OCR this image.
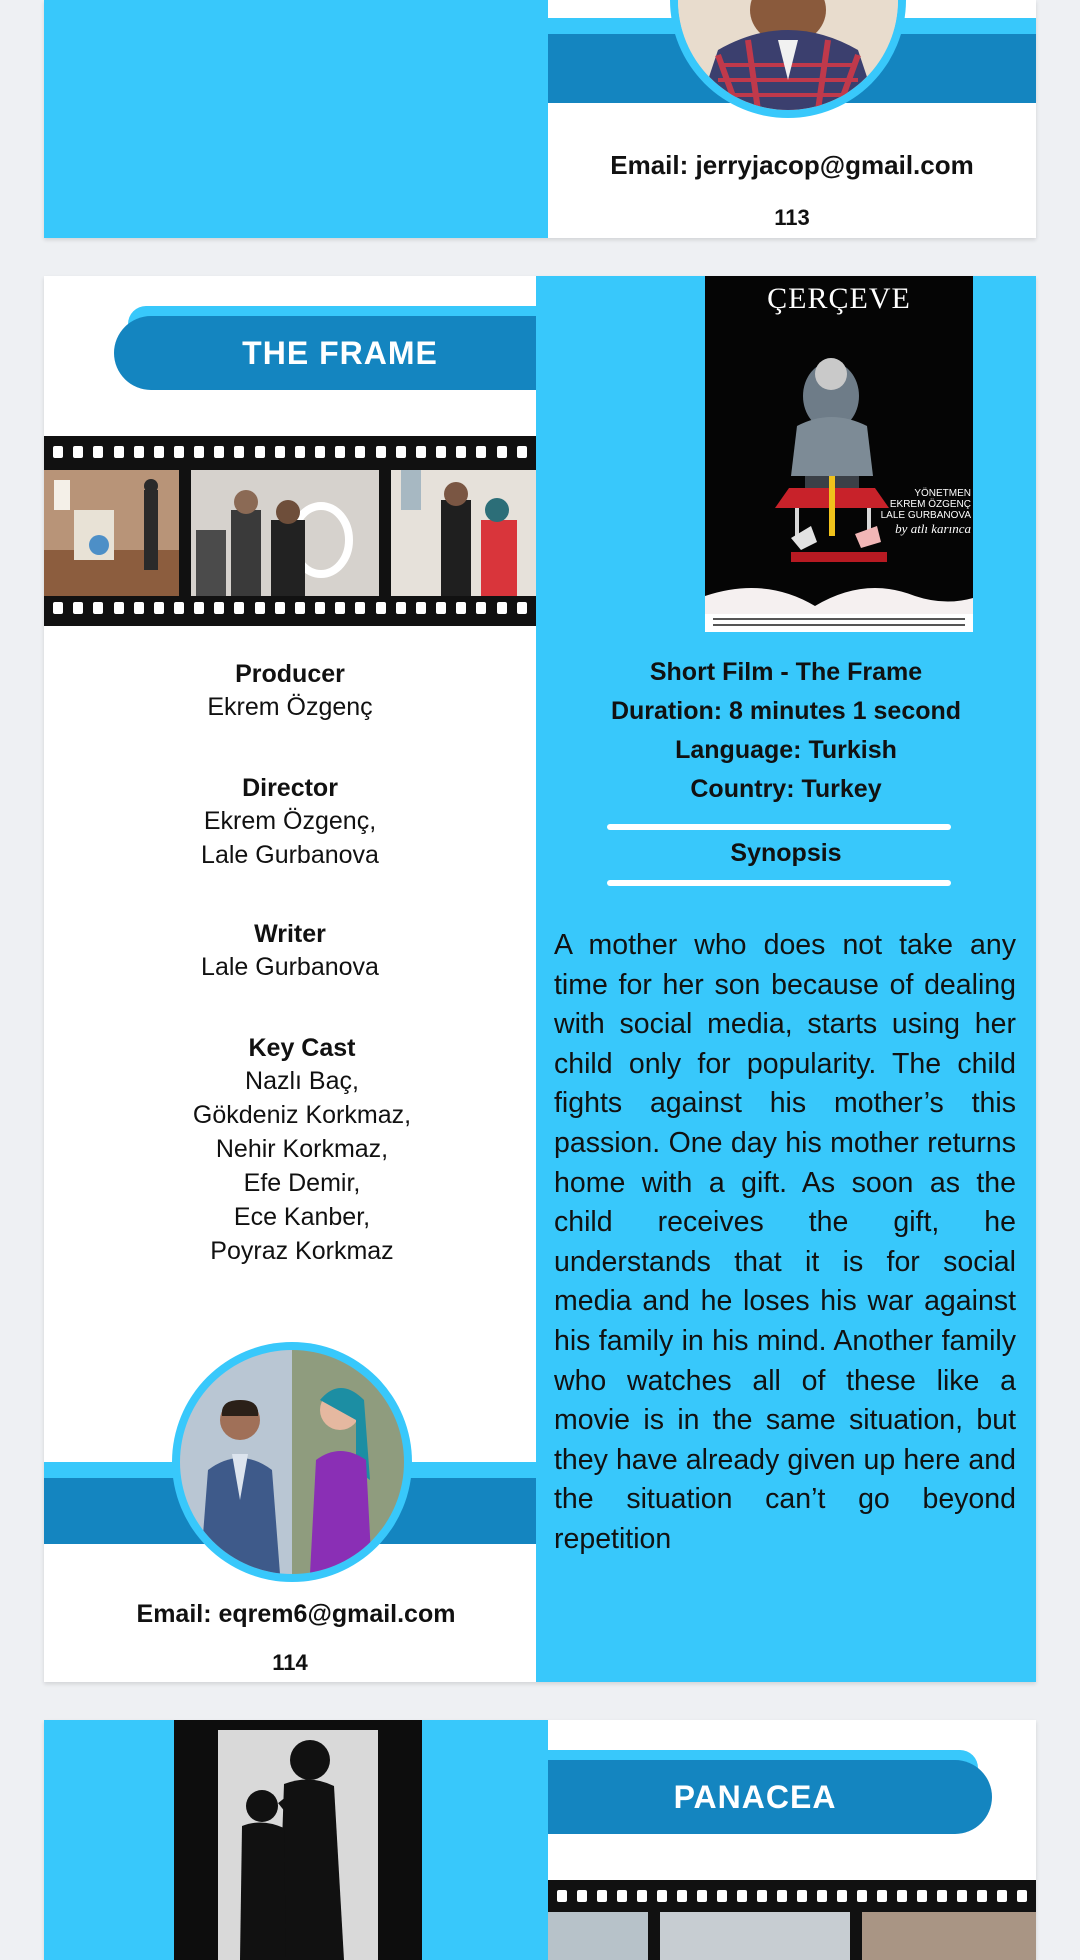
Email: jerryjacop@gmail.com
113
THE FRAME
Producer
Ekrem Özgenç
Director
Ekrem Özgenç,
Lale Gurbanova
Writer
Lale Gurbanova
Key Cast
Nazlı Baç,
Gökdeniz Korkmaz,
Nehir Korkmaz,
Efe Demir,
Ece Kanber,
Poyraz Korkmaz
Email: eqrem6@gmail.com
114
ÇERÇEVE
YÖNETMEN
EKREM ÖZGENÇ
LALE GURBANOVA
by atlı karınca
Short Film - The Frame
Duration: 8 minutes 1 second
Language: Turkish
Country: Turkey
Synopsis
A mother who does not take any time for her son because of dealing with social media, starts using her child only for popularity. The child fights against his mother’s this passion. One day his mother returns home with a gift. As soon as the child receives the gift, he understands that it is for social media and he loses his war against his family in his mind. Another family who watches all of these like a movie is in the same situation, but they have already given up here and the situation can’t go beyond repetition
PANACEA
